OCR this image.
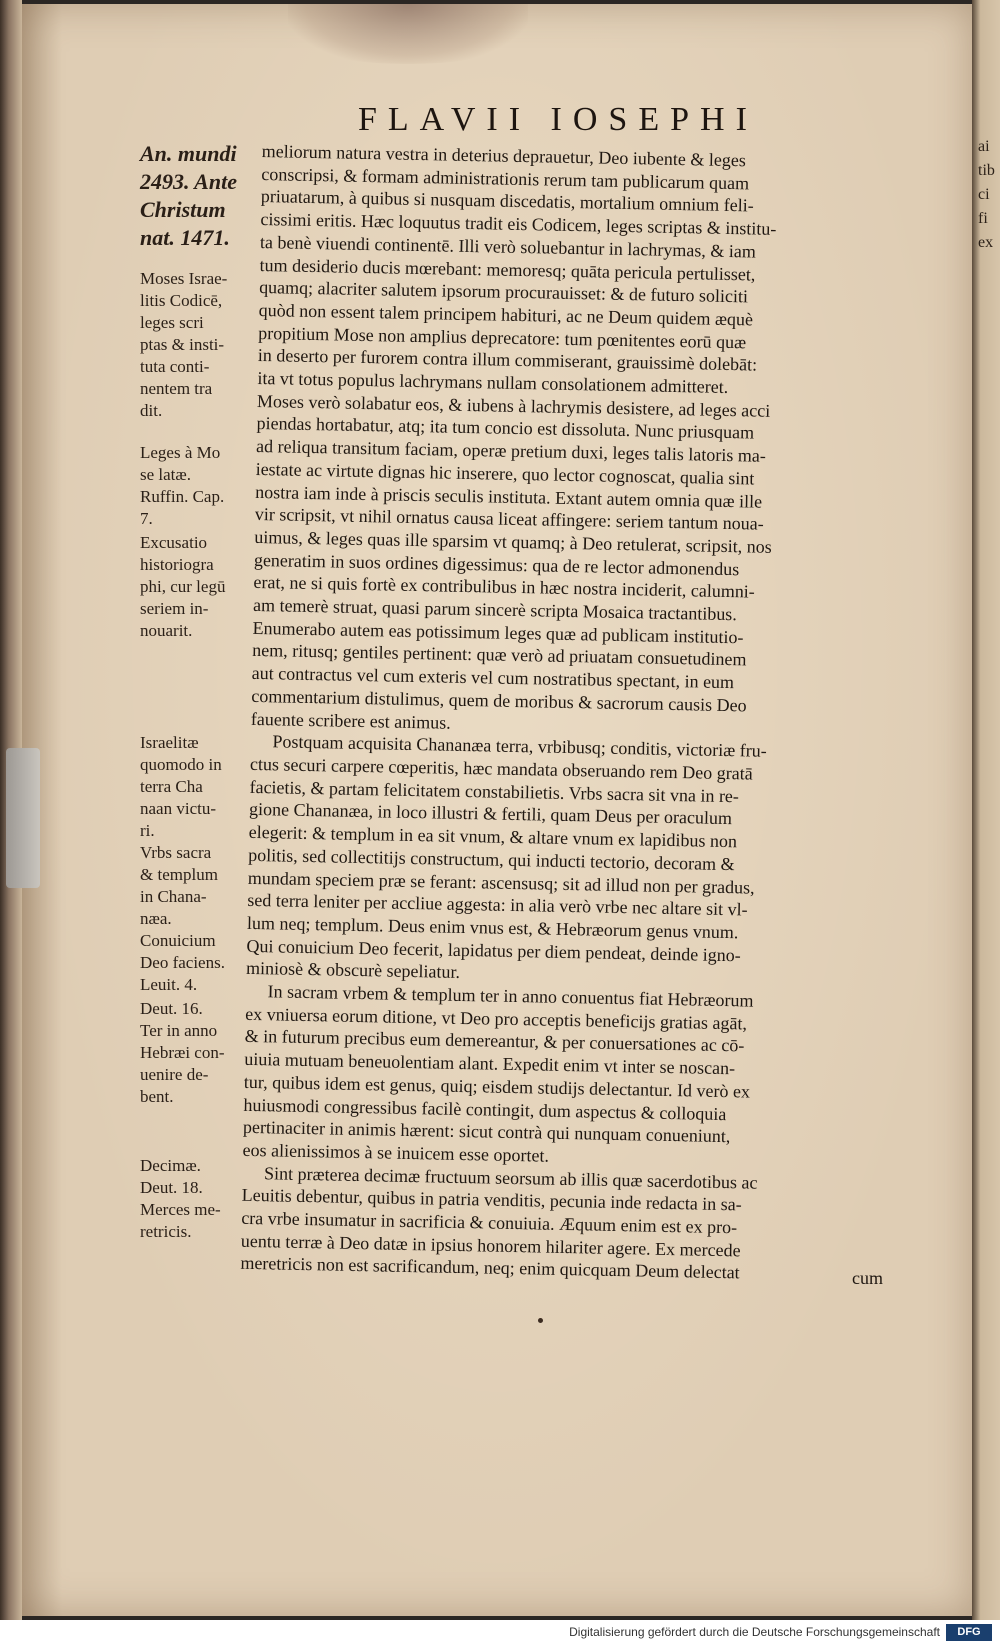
ai
tib
ci
fi
ex
FLAVII IOSEPHI
An. mundi
2493. Ante
Christum
nat. 1471.
Moses Israe-
litis Codicē,
leges scri
ptas & insti-
tuta conti-
nentem tra
dit.
Leges à Mo
se latæ.
Ruffin. Cap.
7.
Excusatio
historiogra
phi, cur legū
seriem in-
nouarit.
Israelitæ
quomodo in
terra Cha
naan victu-
ri.
Vrbs sacra
& templum
in Chana-
næa.
Conuicium
Deo faciens.
Leuit. 4.
Deut. 16.
Ter in anno
Hebræi con-
uenire de-
bent.
Decimæ.
Deut. 18.
Merces me-
retricis.
meliorum natura vestra in deterius deprauetur, Deo iubente & leges
conscripsi, & formam administrationis rerum tam publicarum quam
priuatarum, à quibus si nusquam discedatis, mortalium omnium feli-
cissimi eritis. Hæc loquutus tradit eis Codicem, leges scriptas & institu-
ta benè viuendi continentē. Illi verò soluebantur in lachrymas, & iam
tum desiderio ducis mœrebant: memoresq; quāta pericula pertulisset,
quamq; alacriter salutem ipsorum procurauisset: & de futuro soliciti
quòd non essent talem principem habituri, ac ne Deum quidem æquè
propitium Mose non amplius deprecatore: tum pœnitentes eorū quæ
in deserto per furorem contra illum commiserant, grauissimè dolebāt:
ita vt totus populus lachrymans nullam consolationem admitteret.
Moses verò solabatur eos, & iubens à lachrymis desistere, ad leges acci
piendas hortabatur, atq; ita tum concio est dissoluta. Nunc priusquam
ad reliqua transitum faciam, operæ pretium duxi, leges talis latoris ma-
iestate ac virtute dignas hic inserere, quo lector cognoscat, qualia sint
nostra iam inde à priscis seculis instituta. Extant autem omnia quæ ille
vir scripsit, vt nihil ornatus causa liceat affingere: seriem tantum noua-
uimus, & leges quas ille sparsim vt quamq; à Deo retulerat, scripsit, nos
generatim in suos ordines digessimus: qua de re lector admonendus
erat, ne si quis fortè ex contribulibus in hæc nostra inciderit, calumni-
am temerè struat, quasi parum sincerè scripta Mosaica tractantibus.
Enumerabo autem eas potissimum leges quæ ad publicam institutio-
nem, ritusq; gentiles pertinent: quæ verò ad priuatam consuetudinem
aut contractus vel cum exteris vel cum nostratibus spectant, in eum
commentarium distulimus, quem de moribus & sacrorum causis Deo
fauente scribere est animus.
Postquam acquisita Chananæa terra, vrbibusq; conditis, victoriæ fru-
ctus securi carpere cœperitis, hæc mandata obseruando rem Deo gratā
facietis, & partam felicitatem constabilietis. Vrbs sacra sit vna in re-
gione Chananæa, in loco illustri & fertili, quam Deus per oraculum
elegerit: & templum in ea sit vnum, & altare vnum ex lapidibus non
politis, sed collectitijs constructum, qui inducti tectorio, decoram &
mundam speciem præ se ferant: ascensusq; sit ad illud non per gradus,
sed terra leniter per accliue aggesta: in alia verò vrbe nec altare sit vl-
lum neq; templum. Deus enim vnus est, & Hebræorum genus vnum.
Qui conuicium Deo fecerit, lapidatus per diem pendeat, deinde igno-
miniosè & obscurè sepeliatur.
In sacram vrbem & templum ter in anno conuentus fiat Hebræorum
ex vniuersa eorum ditione, vt Deo pro acceptis beneficijs gratias agāt,
& in futurum precibus eum demereantur, & per conuersationes ac cō-
uiuia mutuam beneuolentiam alant. Expedit enim vt inter se noscan-
tur, quibus idem est genus, quiq; eisdem studijs delectantur. Id verò ex
huiusmodi congressibus facilè contingit, dum aspectus & colloquia
pertinaciter in animis hærent: sicut contrà qui nunquam conueniunt,
eos alienissimos à se inuicem esse oportet.
Sint præterea decimæ fructuum seorsum ab illis quæ sacerdotibus ac
Leuitis debentur, quibus in patria venditis, pecunia inde redacta in sa-
cra vrbe insumatur in sacrificia & conuiuia. Æquum enim est ex pro-
uentu terræ à Deo datæ in ipsius honorem hilariter agere. Ex mercede
meretricis non est sacrificandum, neq; enim quicquam Deum delectat	cum
Digitalisierung gefördert durch die Deutsche Forschungsgemeinschaft	DFG
